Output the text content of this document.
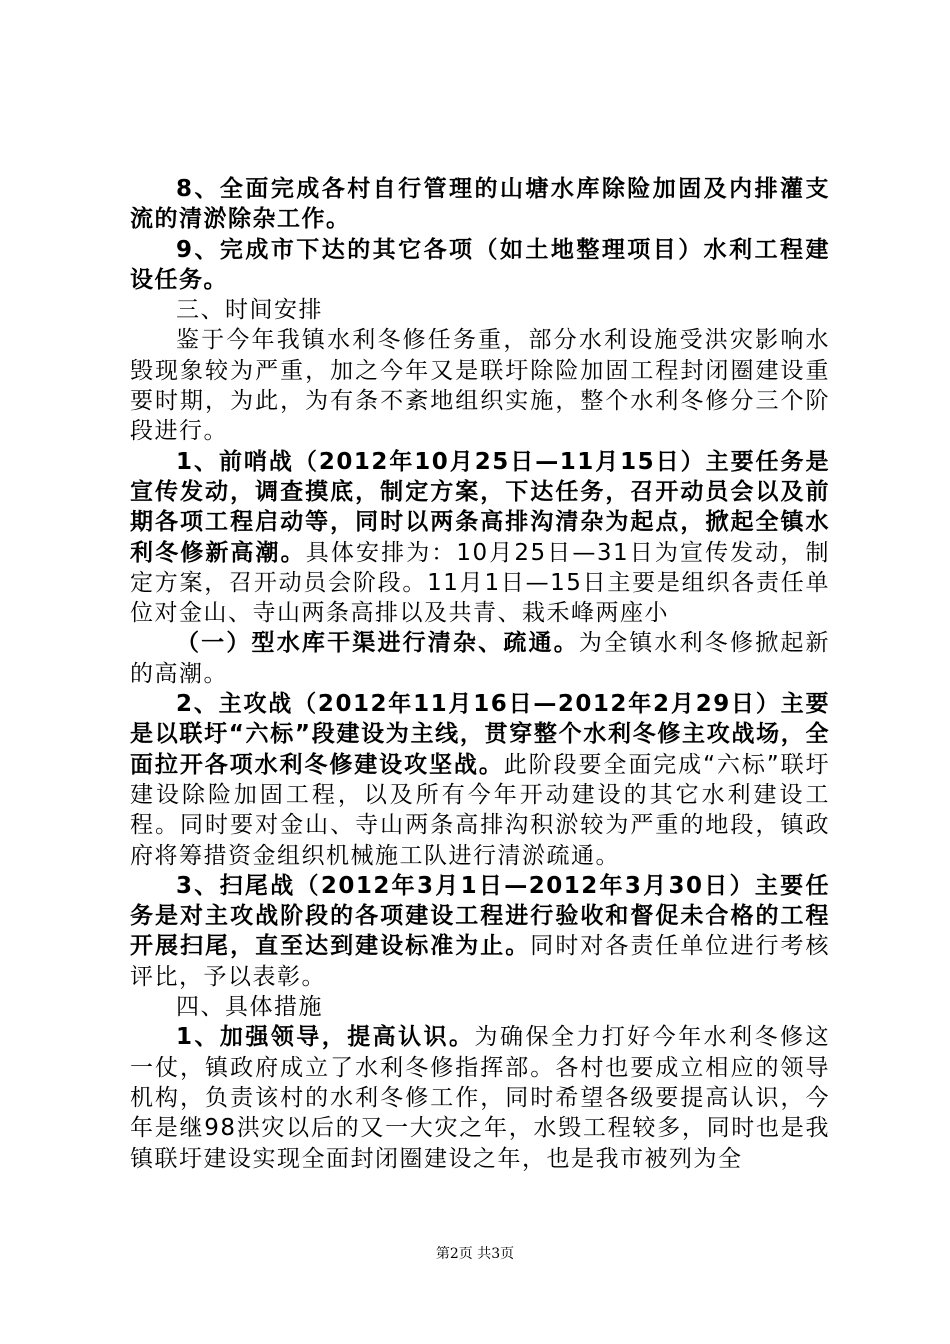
8、全面完成各村自行管理的山塘水库除险加固及内排灌支流的清淤除杂工作。

9、完成市下达的其它各项（如土地整理项目）水利工程建设任务。

三、时间安排

鉴于今年我镇水利冬修任务重，部分水利设施受洪灾影响水毁现象较为严重，加之今年又是联圩除险加固工程封闭圈建设重要时期，为此，为有条不紊地组织实施，整个水利冬修分三个阶段进行。

1、前哨战（2012年10月25日—11月15日）主要任务是宣传发动，调查摸底，制定方案，下达任务，召开动员会以及前期各项工程启动等，同时以两条高排沟清杂为起点，掀起全镇水利冬修新高潮。具体安排为：10月25日—31日为宣传发动，制定方案，召开动员会阶段。11月1日—15日主要是组织各责任单位对金山、寺山两条高排以及共青、栽禾峰两座小

（一）型水库干渠进行清杂、疏通。为全镇水利冬修掀起新的高潮。

2、主攻战（2012年11月16日—2012年2月29日）主要是以联圩“六标”段建设为主线，贯穿整个水利冬修主攻战场，全面拉开各项水利冬修建设攻坚战。此阶段要全面完成“六标”联圩建设除险加固工程，以及所有今年开动建设的其它水利建设工程。同时要对金山、寺山两条高排沟积淤较为严重的地段，镇政府将筹措资金组织机械施工队进行清淤疏通。

3、扫尾战（2012年3月1日—2012年3月30日）主要任务是对主攻战阶段的各项建设工程进行验收和督促未合格的工程开展扫尾，直至达到建设标准为止。同时对各责任单位进行考核评比，予以表彰。

四、具体措施

1、加强领导，提高认识。为确保全力打好今年水利冬修这一仗，镇政府成立了水利冬修指挥部。各村也要成立相应的领导机构，负责该村的水利冬修工作，同时希望各级要提高认识，今年是继98洪灾以后的又一大灾之年，水毁工程较多，同时也是我镇联圩建设实现全面封闭圈建设之年，也是我市被列为全

第2页 共3页
